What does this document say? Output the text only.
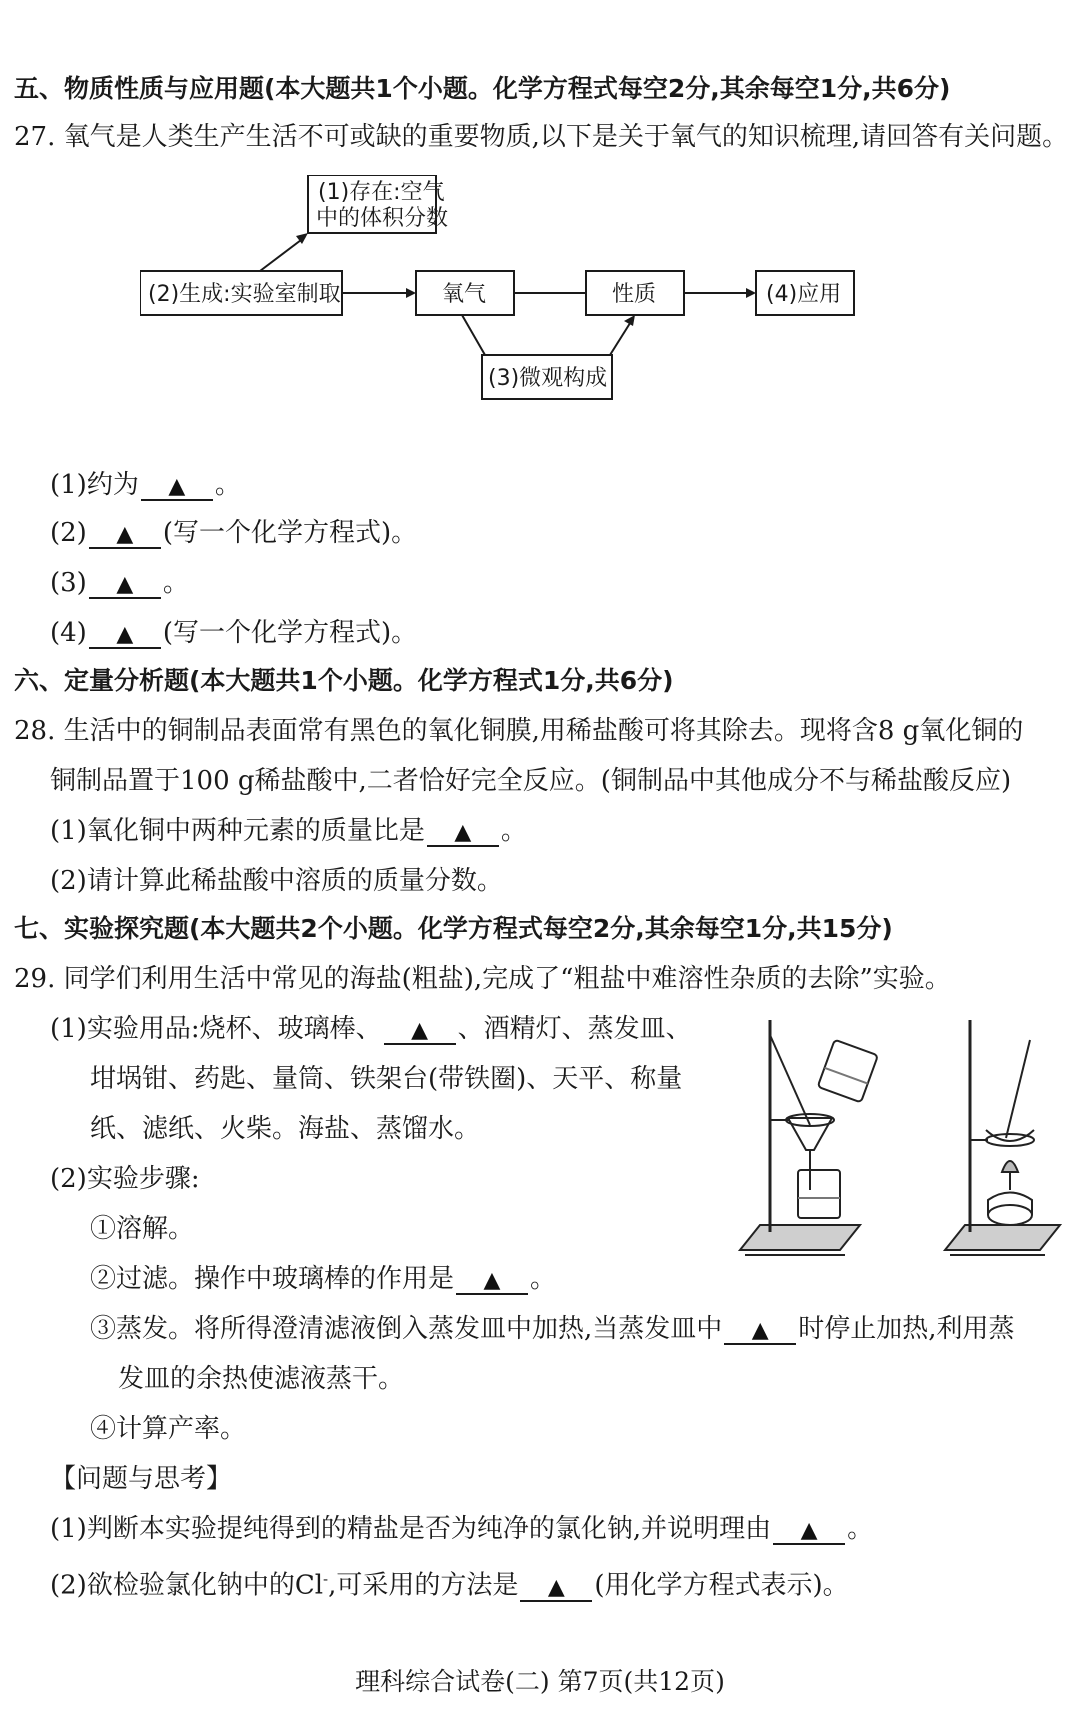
五、物质性质与应用题(本大题共1个小题。化学方程式每空2分,其余每空1分,共6分)
27. 氧气是人类生产生活不可或缺的重要物质,以下是关于氧气的知识梳理,请回答有关问题。
(1)存在:空气
中的体积分数
(2)生成:实验室制取	氧气	性质	(4)应用
(3)微观构成
(1)约为 ▲ 。
(2) ▲ (写一个化学方程式)。
(3) ▲ 。
(4) ▲ (写一个化学方程式)。
六、定量分析题(本大题共1个小题。化学方程式1分,共6分)
28. 生活中的铜制品表面常有黑色的氧化铜膜,用稀盐酸可将其除去。现将含8 g氧化铜的
铜制品置于100 g稀盐酸中,二者恰好完全反应。(铜制品中其他成分不与稀盐酸反应)
(1)氧化铜中两种元素的质量比是 ▲ 。
(2)请计算此稀盐酸中溶质的质量分数。
七、实验探究题(本大题共2个小题。化学方程式每空2分,其余每空1分,共15分)
29. 同学们利用生活中常见的海盐(粗盐),完成了“粗盐中难溶性杂质的去除”实验。
(1)实验用品:烧杯、玻璃棒、 ▲ 、酒精灯、蒸发皿、
坩埚钳、药匙、量筒、铁架台(带铁圈)、天平、称量
纸、滤纸、火柴。海盐、蒸馏水。
(2)实验步骤:
①溶解。
②过滤。操作中玻璃棒的作用是 ▲ 。
③蒸发。将所得澄清滤液倒入蒸发皿中加热,当蒸发皿中 ▲ 时停止加热,利用蒸
发皿的余热使滤液蒸干。
④计算产率。
【问题与思考】
(1)判断本实验提纯得到的精盐是否为纯净的氯化钠,并说明理由 ▲ 。
(2)欲检验氯化钠中的Cl-,可采用的方法是 ▲ (用化学方程式表示)。
理科综合试卷(二) 第7页(共12页)
